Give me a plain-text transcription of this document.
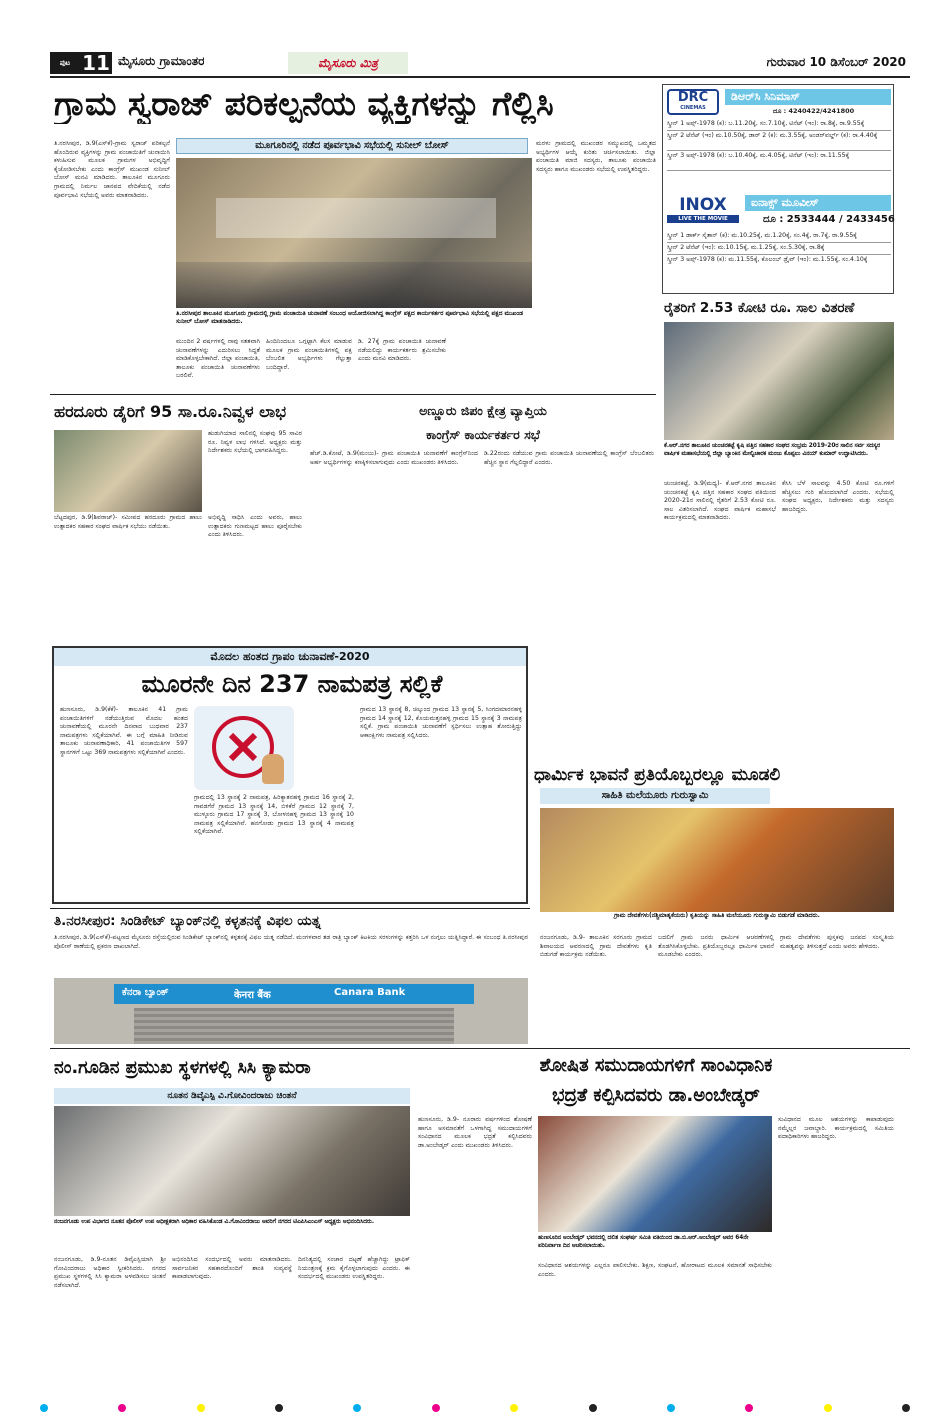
ಪುಟ 11 ಮೈಸೂರು ಗ್ರಾಮಾಂತರ	ಮೈಸೂರು ಮಿತ್ರ	ಗುರುವಾರ 10 ಡಿಸೆಂಬರ್ 2020
ಗ್ರಾಮ ಸ್ವರಾಜ್ ಪರಿಕಲ್ಪನೆಯ ವ್ಯಕ್ತಿಗಳನ್ನು ಗೆಲ್ಲಿಸಿ
ಮೂಗೂರಿನಲ್ಲಿ ನಡೆದ ಪೂರ್ವಭಾವಿ ಸಭೆಯಲ್ಲಿ ಸುನೀಲ್ ಬೋಸ್
ತಿ.ನರಸೀಪುರ, ಡಿ.9(ಎಸ್‌ಕೆ)-ಗ್ರಾಮ ಸ್ವರಾಜ್ ಪರಿಕಲ್ಪನೆ ಹೊಂದಿರುವ ವ್ಯಕ್ತಿಗಳನ್ನು ಗ್ರಾಮ ಪಂಚಾಯಿತಿಗೆ ಚುನಾಯಿಸಿ ಕಳುಹಿಸುವ ಮೂಲಕ ಗ್ರಾಮಗಳ ಅಭಿವೃದ್ಧಿಗೆ ಕೈಜೋಡಿಸಬೇಕು ಎಂದು ಕಾಂಗ್ರೆಸ್ ಮುಖಂಡ ಸುನೀಲ್ ಬೋಸ್ ಮನವಿ ಮಾಡಿದರು. ತಾಲೂಕಿನ ಮೂಗೂರು ಗ್ರಾಮದಲ್ಲಿ ನಿರ್ಮಲ ಜಾನಪದ ವೇದಿಕೆಯಲ್ಲಿ ನಡೆದ ಪೂರ್ವಭಾವಿ ಸಭೆಯಲ್ಲಿ ಅವರು ಮಾತನಾಡಿದರು.
ತಿ.ನರಸೀಪುರ ತಾಲೂಕಿನ ಮೂಗೂರು ಗ್ರಾಮದಲ್ಲಿ ಗ್ರಾಮ ಪಂಚಾಯಿತಿ ಚುನಾವಣೆ ಸಂಬಂಧ ಆಯೋಜಿಸಲಾಗಿದ್ದ ಕಾಂಗ್ರೆಸ್ ಪಕ್ಷದ ಕಾರ್ಯಕರ್ತರ ಪೂರ್ವಭಾವಿ ಸಭೆಯಲ್ಲಿ ಪಕ್ಷದ ಮುಖಂಡ ಸುನೀಲ್ ಬೋಸ್ ಮಾತನಾಡಿದರು.
ಮುಂದಿನ 2 ವರ್ಷಗಳಲ್ಲಿ ನಾವು ಸತತವಾಗಿ ಚುನಾವಣೆಗಳನ್ನು ಎದುರಿಸಲು ಸಿದ್ಧತೆ ಮಾಡಿಕೊಳ್ಳಬೇಕಾಗಿದೆ. ಜಿಲ್ಲಾ ಪಂಚಾಯಿತಿ, ತಾಲೂಕು ಪಂಚಾಯಿತಿ ಚುನಾವಣೆಗಳು ಬರಲಿವೆ.
ಹಿಂದಿನಿಂದಲೂ ಒಗ್ಗಟ್ಟಾಗಿ ಕೆಲಸ ಮಾಡುವ ಮೂಲಕ ಗ್ರಾಮ ಪಂಚಾಯಿತಿಗಳಲ್ಲಿ ಪಕ್ಷ ಬೆಂಬಲಿತ ಅಭ್ಯರ್ಥಿಗಳು ಗೆಲ್ಲುತ್ತಾ ಬಂದಿದ್ದಾರೆ.
ಡಿ. 27ಕ್ಕೆ ಗ್ರಾಮ ಪಂಚಾಯಿತಿ ಚುನಾವಣೆ ನಡೆಯಲಿದ್ದು ಕಾರ್ಯಕರ್ತರು ಶ್ರಮಿಸಬೇಕು ಎಂದು ಮನವಿ ಮಾಡಿದರು.
ಮರಳು ಗ್ರಾಮದಲ್ಲಿ ಮುಖಂಡರ ಸಮ್ಮುಖದಲ್ಲಿ ಒಮ್ಮತದ ಅಭ್ಯರ್ಥಿಗಳ ಆಯ್ಕೆ ಕುರಿತು ಚರ್ಚಿಸಲಾಯಿತು. ಜಿಲ್ಲಾ ಪಂಚಾಯಿತಿ ಮಾಜಿ ಸದಸ್ಯರು, ತಾಲೂಕು ಪಂಚಾಯಿತಿ ಸದಸ್ಯರು ಹಾಗೂ ಮುಖಂಡರು ಸಭೆಯಲ್ಲಿ ಉಪಸ್ಥಿತರಿದ್ದರು.
DRC
CINEMAS
ಡಿಆರ್‌ಸಿ ಸಿನಿಮಾಸ್
ದೂ : 4240422/4241800
ಸ್ಕ್ರೀನ್ 1 ಅಪ್ಸ್-1978 (ಕ): ಬ.11.20ಕ್ಕೆ, ಸಂ.7.10ಕ್ಕೆ, ಟಿನೆಟ್ (ಇಂ): ರಾ.8ಕ್ಕೆ, ರಾ.9.55ಕ್ಕೆ
ಸ್ಕ್ರೀನ್ 2 ಟೆನೆಟ್ (ಇಂ) ಮ.10.50ಕ್ಕೆ, ಡಾರ್ 2 (ಕ): ಮ.3.55ಕ್ಕೆ, ಅಂಡರ್‌ವರ್ಲ್ಡ್ (ಕ): ರಾ.4.40ಕ್ಕೆ
ಸ್ಕ್ರೀನ್ 3 ಅಪ್ಸ್-1978 (ಕ): ಬ.10.40ಕ್ಕೆ, ಮ.4.05ಕ್ಕೆ, ಟಿನೆಟ್ (ಇಂ): ರಾ.11.55ಕ್ಕೆ
INOX
LIVE THE MOVIE
ಐನಾಕ್ಸ್ ಮೂವೀಸ್
ದೂ : 2533444 / 2433456
ಸ್ಕ್ರೀನ್ 1 ಡಾರ್ಕ್ ಸೈತಾನ್ (ಕ): ಮ.10.25ಕ್ಕೆ, ಮ.1.20ಕ್ಕೆ, ಸಂ.4ಕ್ಕೆ, ರಾ.7ಕ್ಕೆ, ರಾ.9.55ಕ್ಕೆ
ಸ್ಕ್ರೀನ್ 2 ಟೆನೆಟ್ (ಇಂ): ಮ.10.15ಕ್ಕೆ, ಮ.1.25ಕ್ಕೆ, ಸಂ.5.30ಕ್ಕೆ, ರಾ.8ಕ್ಕೆ
ಸ್ಕ್ರೀನ್ 3 ಅಪ್ಸ್-1978 (ಕ): ಮ.11.55ಕ್ಕೆ, ಕೊಲಂಬ್ ಡ್ರೈವ್ (ಇಂ): ಮ.1.55ಕ್ಕೆ, ಸಂ.4.10ಕ್ಕೆ
ರೈತರಿಗೆ 2.53 ಕೋಟಿ ರೂ. ಸಾಲ ವಿತರಣೆ
ಕೆ.ಆರ್.ನಗರ ತಾಲೂಕಿನ ಚುಂಚನಕಟ್ಟೆ ಕೃಷಿ ಪತ್ತಿನ ಸಹಕಾರ ಸಂಘದ ಸಂಭ್ರಮ 2019-20ರ ಸಾಲಿನ ಸರ್ವ ಸದಸ್ಯರ ವಾರ್ಷಿಕ ಮಹಾಸಭೆಯಲ್ಲಿ ಜಿಲ್ಲಾ ಬ್ಯಾಂಕಿನ ಮೇಲ್ವಿಚಾರಕ ಮಂಜು ಕೊಪ್ಪಲು ವಿನಯ್ ಕುಮಾರ್ ಉದ್ಘಾಟಿಸಿದರು.
ಚುಂಚನಕಟ್ಟೆ, ಡಿ.9(ಮಧ್ಯ)- ಕೆ.ಆರ್.ನಗರ ತಾಲೂಕಿನ ಚುಂಚನಕಟ್ಟೆ ಕೃಷಿ ಪತ್ತಿನ ಸಹಕಾರ ಸಂಘದ ವತಿಯಿಂದ 2020-21ರ ಸಾಲಿನಲ್ಲಿ ರೈತರಿಗೆ 2.53 ಕೋಟಿ ರೂ. ಸಾಲ ವಿತರಿಸಲಾಗಿದೆ. ಸಂಘದ ವಾರ್ಷಿಕ ಮಹಾಸಭೆ ಕಾರ್ಯಕ್ರಮದಲ್ಲಿ ಮಾತನಾಡಿದರು.
ಕೆಸಿಸಿ ಬೆಳೆ ಸಾಲವನ್ನು 4.50 ಕೋಟಿ ರೂ.ಗಳಿಗೆ ಹೆಚ್ಚಿಸಲು ಗುರಿ ಹೊಂದಲಾಗಿದೆ ಎಂದರು. ಸಭೆಯಲ್ಲಿ ಸಂಘದ ಅಧ್ಯಕ್ಷರು, ನಿರ್ದೇಶಕರು ಮತ್ತು ಸದಸ್ಯರು ಹಾಜರಿದ್ದರು.
ಹರದೂರು ಡೈರಿಗೆ 95 ಸಾ.ರೂ.ನಿವ್ವಳ ಲಾಭ
ಬೆಟ್ಟದಪುರ, ಡಿ.9(ಶಿವರಾಜ್)- ಸಮೀಪದ ಹರದೂರು ಗ್ರಾಮದ ಹಾಲು ಉತ್ಪಾದಕರ ಸಹಕಾರ ಸಂಘದ ವಾರ್ಷಿಕ ಸಭೆಯು ನಡೆಯಿತು.
ಅಭಿವೃದ್ಧಿ ಸಾಧಿಸಿ ಎಂದು ಅವರು, ಹಾಲು ಉತ್ಪಾದಕರು ಗುಣಮಟ್ಟದ ಹಾಲು ಪೂರೈಸಬೇಕು ಎಂದು ತಿಳಿಸಿದರು.
ಹುಡುಗಿಯಾದ ಸಾಲಿನಲ್ಲಿ ಸಂಘವು 95 ಸಾವಿರ ರೂ. ನಿವ್ವಳ ಲಾಭ ಗಳಿಸಿದೆ. ಅಧ್ಯಕ್ಷರು ಮತ್ತು ನಿರ್ದೇಶಕರು ಸಭೆಯಲ್ಲಿ ಭಾಗವಹಿಸಿದ್ದರು.
ಅಣ್ಣೂರು ಜಿಪಂ ಕ್ಷೇತ್ರ ವ್ಯಾಪ್ತಿಯ
ಕಾಂಗ್ರೆಸ್ ಕಾರ್ಯಕರ್ತರ ಸಭೆ
ಹೆಚ್.ಡಿ.ಕೋಟೆ, ಡಿ.9(ಮಂಜು)- ಗ್ರಾಮ ಪಂಚಾಯಿತಿ ಚುನಾವಣೆಗೆ ಕಾಂಗ್ರೆಸ್‌ನಿಂದ ಅರ್ಹ ಅಭ್ಯರ್ಥಿಗಳನ್ನು ಕಣಕ್ಕಿಳಿಸಲಾಗುವುದು ಎಂದು ಮುಖಂಡರು ತಿಳಿಸಿದರು.
ಡಿ.22ರಂದು ನಡೆಯುವ ಗ್ರಾಮ ಪಂಚಾಯಿತಿ ಚುನಾವಣೆಯಲ್ಲಿ ಕಾಂಗ್ರೆಸ್ ಬೆಂಬಲಿತರು ಹೆಚ್ಚಿನ ಸ್ಥಾನ ಗೆಲ್ಲಲಿದ್ದಾರೆ ಎಂದರು.
ಮೊದಲ ಹಂತದ ಗ್ರಾಪಂ ಚುನಾವಣೆ-2020
ಮೂರನೇ ದಿನ 237 ನಾಮಪತ್ರ ಸಲ್ಲಿಕೆ
ಹುಣಸೂರು, ಡಿ.9(ಕೆಕೆ)- ತಾಲೂಕಿನ 41 ಗ್ರಾಮ ಪಂಚಾಯಿತಿಗಳಿಗೆ ನಡೆಯುತ್ತಿರುವ ಮೊದಲ ಹಂತದ ಚುನಾವಣೆಯಲ್ಲಿ ಮೂರನೇ ದಿನವಾದ ಬುಧವಾರ 237 ನಾಮಪತ್ರಗಳು ಸಲ್ಲಿಕೆಯಾಗಿವೆ. ಈ ಬಗ್ಗೆ ಮಾಹಿತಿ ನೀಡಿರುವ ತಾಲೂಕು ಚುನಾವಣಾಧಿಕಾರಿ, 41 ಪಂಚಾಯಿತಿಗಳ 597 ಸ್ಥಾನಗಳಿಗೆ ಒಟ್ಟು 369 ನಾಮಪತ್ರಗಳು ಸಲ್ಲಿಕೆಯಾಗಿವೆ ಎಂದರು.
ಗ್ರಾಮದಲ್ಲಿ 13 ಸ್ಥಾನಕ್ಕೆ 2 ನಾಮಪತ್ರ, ಹಿರಿಕ್ಯಾತನಹಳ್ಳಿ ಗ್ರಾಮದ 16 ಸ್ಥಾನಕ್ಕೆ 2, ಗಾವಡಗೆರೆ ಗ್ರಾಮದ 13 ಸ್ಥಾನಕ್ಕೆ 14, ಬಿಳಿಕೆರೆ ಗ್ರಾಮದ 12 ಸ್ಥಾನಕ್ಕೆ 7, ಮುಳ್ಳೂರು ಗ್ರಾಮದ 17 ಸ್ಥಾನಕ್ಕೆ 3, ಬೋಳನಹಳ್ಳಿ ಗ್ರಾಮದ 13 ಸ್ಥಾನಕ್ಕೆ 10 ನಾಮಪತ್ರ ಸಲ್ಲಿಕೆಯಾಗಿವೆ. ಹನಗೋಡು ಗ್ರಾಮದ 13 ಸ್ಥಾನಕ್ಕೆ 4 ನಾಮಪತ್ರ ಸಲ್ಲಿಕೆಯಾಗಿವೆ.
ಗ್ರಾಮದ 13 ಸ್ಥಾನಕ್ಕೆ 8, ಚಿಲ್ಕುಂದ ಗ್ರಾಮದ 13 ಸ್ಥಾನಕ್ಕೆ 5, ಸಿಂಗದಮಾರನಹಳ್ಳಿ ಗ್ರಾಮದ 14 ಸ್ಥಾನಕ್ಕೆ 12, ಕೊಯಮತ್ತನಹಳ್ಳಿ ಗ್ರಾಮದ 15 ಸ್ಥಾನಕ್ಕೆ 3 ನಾಮಪತ್ರ ಸಲ್ಲಿಕೆ. ಗ್ರಾಮ ಪಂಚಾಯಿತಿ ಚುನಾವಣೆಗೆ ಸ್ಪರ್ಧಿಸಲು ಉತ್ಸಾಹ ತೋರುತ್ತಿದ್ದು ಆಕಾಂಕ್ಷಿಗಳು ನಾಮಪತ್ರ ಸಲ್ಲಿಸಿದರು.
ತಿ.ನರಸೀಪುರ: ಸಿಂಡಿಕೇಟ್ ಬ್ಯಾಂಕ್‌ನಲ್ಲಿ ಕಳ್ಳತನಕ್ಕೆ ವಿಫಲ ಯತ್ನ
ತಿ.ನರಸೀಪುರ, ಡಿ.9(ಎಸ್‌ಕೆ)-ಪಟ್ಟಣದ ಮೈಸೂರು ರಸ್ತೆಯಲ್ಲಿರುವ ಸಿಂಡಿಕೇಟ್ ಬ್ಯಾಂಕ್‌ನಲ್ಲಿ ಕಳ್ಳತನಕ್ಕೆ ವಿಫಲ ಯತ್ನ ನಡೆದಿದೆ. ಮಂಗಳವಾರ ತಡ ರಾತ್ರಿ ಬ್ಯಾಂಕ್ ಕಿಟಕಿಯ ಸರಳುಗಳನ್ನು ಕತ್ತರಿಸಿ ಒಳ ನುಗ್ಗಲು ಯತ್ನಿಸಿದ್ದಾರೆ. ಈ ಸಂಬಂಧ ತಿ.ನರಸೀಪುರ ಪೊಲೀಸ್ ಠಾಣೆಯಲ್ಲಿ ಪ್ರಕರಣ ದಾಖಲಾಗಿದೆ.
ಕೆನರಾ ಬ್ಯಾಂಕ್	केनरा बैंक	Canara Bank
ಧಾರ್ಮಿಕ ಭಾವನೆ ಪ್ರತಿಯೊಬ್ಬರಲ್ಲೂ ಮೂಡಲಿ
ಸಾಹಿತಿ ಮಲೆಯೂರು ಗುರುಸ್ವಾಮಿ
ಗ್ರಾಮ ದೇವತೆಗಳು(ನಶ್ಚಿಮಾತೃಕೆಯರು) ಕೃತಿಯನ್ನು ಸಾಹಿತಿ ಮಲೆಯೂರು ಗುರುಸ್ವಾಮಿ ಬಿಡುಗಡೆ ಮಾಡಿದರು.
ನಂಜನಗೂಡು, ಡಿ.9- ತಾಲೂಕಿನ ಸರಗೂರು ಗ್ರಾಮದ ಶಿವಾಲಯದ ಆವರಣದಲ್ಲಿ ಗ್ರಾಮ ದೇವತೆಗಳು ಕೃತಿ ಬಿಡುಗಡೆ ಕಾರ್ಯಕ್ರಮ ನಡೆಯಿತು.
ಬದಲಿಗೆ ಗ್ರಾಮ ಜನರು ಧಾರ್ಮಿಕ ಆಚರಣೆಗಳಲ್ಲಿ ತೊಡಗಿಸಿಕೊಳ್ಳಬೇಕು. ಪ್ರತಿಯೊಬ್ಬರಲ್ಲೂ ಧಾರ್ಮಿಕ ಭಾವನೆ ಮೂಡಬೇಕು ಎಂದರು.
ಗ್ರಾಮ ದೇವತೆಗಳು ಪುಸ್ತಕವು ಜನಪದ ಸಂಸ್ಕೃತಿಯ ಮಹತ್ವವನ್ನು ತಿಳಿಸುತ್ತದೆ ಎಂದು ಅವರು ಹೇಳಿದರು.
ನಂ.ಗೂಡಿನ ಪ್ರಮುಖ ಸ್ಥಳಗಳಲ್ಲಿ ಸಿಸಿ ಕ್ಯಾಮರಾ
ನೂತನ ಡಿವೈಎಸ್ಪಿ ವಿ.ಗೋವಿಂದರಾಜು ಚಿಂತನೆ
ನಂಜನಗೂಡು ಉಪ ವಿಭಾಗದ ನೂತನ ಪೊಲೀಸ್ ಉಪ ಅಧೀಕ್ಷಕರಾಗಿ ಅಧಿಕಾರ ವಹಿಸಿಕೊಂಡ ವಿ.ಗೋವಿಂದರಾಜು ಅವರಿಗೆ ನಗರದ ಟಿಎಪಿಸಿಎಂಎಸ್ ಅಧ್ಯಕ್ಷರು ಅಭಿನಂದಿಸಿದರು.
ನಂಜನಗೂಡು, ಡಿ.9-ನೂತನ ಡಿವೈಎಸ್ಪಿಯಾಗಿ ಶ್ರೀ ಗೋವಿಂದರಾಜು ಅಧಿಕಾರ ಸ್ವೀಕರಿಸಿದರು. ನಗರದ ಪ್ರಮುಖ ಸ್ಥಳಗಳಲ್ಲಿ ಸಿಸಿ ಕ್ಯಾಮರಾ ಅಳವಡಿಸಲು ಚಿಂತನೆ ನಡೆಸಲಾಗಿದೆ.
ಅಭಿನಂದಿಸಿದ ಸಂದರ್ಭದಲ್ಲಿ ಅವರು ಮಾತನಾಡಿದರು. ಸಾರ್ವಜನಿಕರ ಸಹಕಾರದೊಂದಿಗೆ ಶಾಂತಿ ಸುವ್ಯವಸ್ಥೆ ಕಾಪಾಡಲಾಗುವುದು.
ದಿನನಿತ್ಯದಲ್ಲಿ ಸಂಚಾರ ದಟ್ಟಣೆ ಹೆಚ್ಚಾಗಿದ್ದು ಟ್ರಾಫಿಕ್ ನಿಯಂತ್ರಣಕ್ಕೆ ಕ್ರಮ ಕೈಗೊಳ್ಳಲಾಗುವುದು ಎಂದರು. ಈ ಸಂದರ್ಭದಲ್ಲಿ ಮುಖಂಡರು ಉಪಸ್ಥಿತರಿದ್ದರು.
ಶೋಷಿತ ಸಮುದಾಯಗಳಿಗೆ ಸಾಂವಿಧಾನಿಕ
ಭದ್ರತೆ ಕಲ್ಪಿಸಿದವರು ಡಾ.ಅಂಬೇಡ್ಕರ್
ಹುಣಸೂರು, ಡಿ.9- ನೂರಾರು ವರ್ಷಗಳಿಂದ ಶೋಷಣೆ ಹಾಗೂ ಅಸಮಾನತೆಗೆ ಒಳಗಾಗಿದ್ದ ಸಮುದಾಯಗಳಿಗೆ ಸಂವಿಧಾನದ ಮೂಲಕ ಭದ್ರತೆ ಕಲ್ಪಿಸಿದವರು ಡಾ.ಅಂಬೇಡ್ಕರ್ ಎಂದು ಮುಖಂಡರು ತಿಳಿಸಿದರು.
ಹುಣಸೂರಿನ ಅಂಬೇಡ್ಕರ್ ಭವನದಲ್ಲಿ ದಲಿತ ಸಂಘರ್ಷ ಸಮಿತಿ ವತಿಯಿಂದ ಡಾ.ಬಿ.ಆರ್.ಅಂಬೇಡ್ಕರ್ ಅವರ 64ನೇ ಪರಿನಿರ್ವಾಣ ದಿನ ಆಚರಿಸಲಾಯಿತು.
ಸಂವಿಧಾನದ ಆಶಯಗಳನ್ನು ಎಲ್ಲರೂ ಪಾಲಿಸಬೇಕು. ಶಿಕ್ಷಣ, ಸಂಘಟನೆ, ಹೋರಾಟದ ಮೂಲಕ ಸಮಾನತೆ ಸಾಧಿಸಬೇಕು ಎಂದರು.
ಸುವಿಧಾನದ ಮೂಲ ಆಶಯಗಳನ್ನು ಕಾಪಾಡುವುದು ನಮ್ಮೆಲ್ಲರ ಜವಾಬ್ದಾರಿ. ಕಾರ್ಯಕ್ರಮದಲ್ಲಿ ಸಮಿತಿಯ ಪದಾಧಿಕಾರಿಗಳು ಹಾಜರಿದ್ದರು.
